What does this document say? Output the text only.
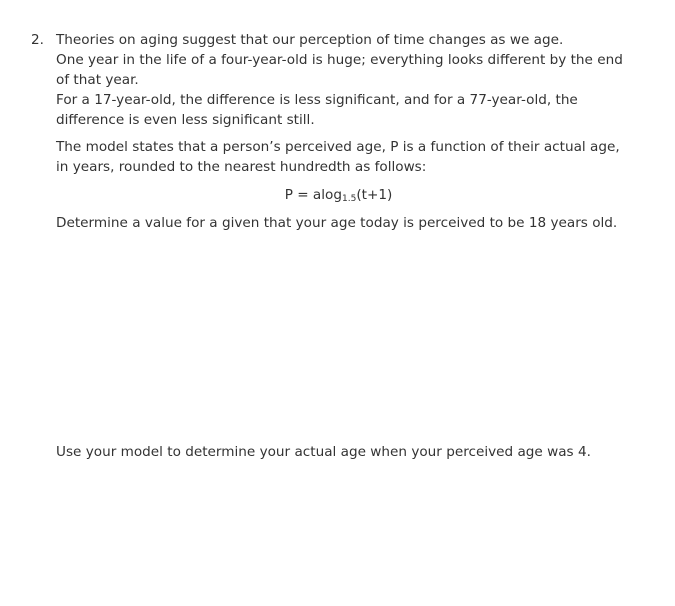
2. Theories on aging suggest that our perception of time changes as we age.

One year in the life of a four-year-old is huge; everything looks different by the end of that year.

For a 17-year-old, the difference is less significant, and for a 77-year-old, the difference is even less significant still.

The model states that a person’s perceived age, P is a function of their actual age, in years, rounded to the nearest hundredth as follows:

P = alog$_{1.5}$(t+1)

Determine a value for a given that your age today is perceived to be 18 years old.

Use your model to determine your actual age when your perceived age was 4.
